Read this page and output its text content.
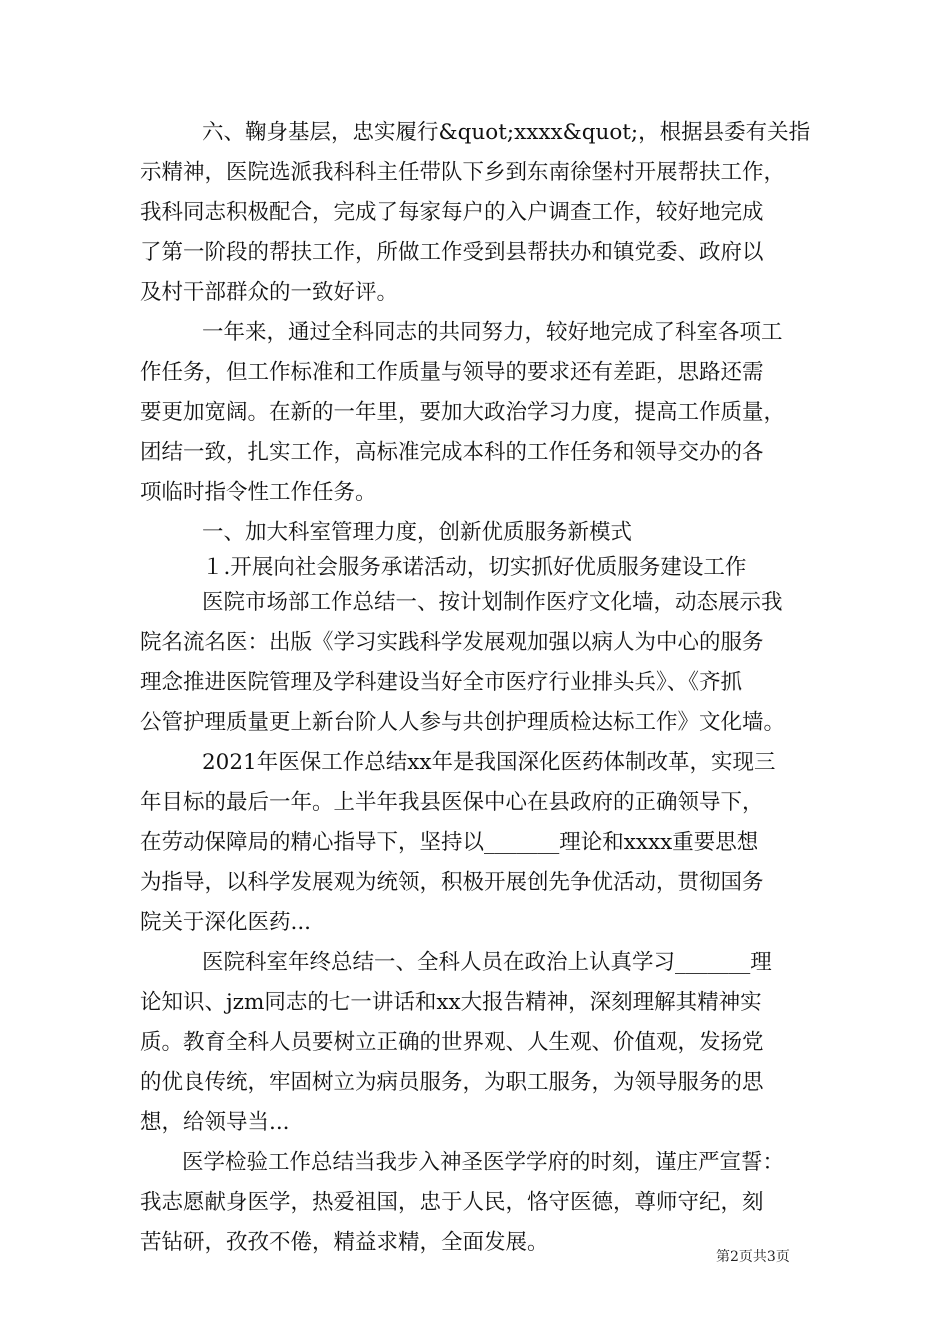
六、鞠身基层，忠实履行&quot;xxxx&quot;，根据县委有关指
示精神，医院选派我科科主任带队下乡到东南徐堡村开展帮扶工作，
我科同志积极配合，完成了每家每户的入户调查工作，较好地完成
了第一阶段的帮扶工作，所做工作受到县帮扶办和镇党委、政府以
及村干部群众的一致好评。
一年来，通过全科同志的共同努力，较好地完成了科室各项工
作任务，但工作标准和工作质量与领导的要求还有差距，思路还需
要更加宽阔。在新的一年里，要加大政治学习力度，提高工作质量，
团结一致，扎实工作，高标准完成本科的工作任务和领导交办的各
项临时指令性工作任务。
一、加大科室管理力度，创新优质服务新模式
１.开展向社会服务承诺活动，切实抓好优质服务建设工作
医院市场部工作总结一、按计划制作医疗文化墙，动态展示我
院名流名医：出版《学习实践科学发展观加强以病人为中心的服务
理念推进医院管理及学科建设当好全市医疗行业排头兵》、《齐抓
公管护理质量更上新台阶人人参与共创护理质检达标工作》文化墙。
2021年医保工作总结xx年是我国深化医药体制改革，实现三
年目标的最后一年。上半年我县医保中心在县政府的正确领导下，
在劳动保障局的精心指导下，坚持以_______理论和xxxx重要思想
为指导，以科学发展观为统领，积极开展创先争优活动，贯彻国务
院关于深化医药...
医院科室年终总结一、全科人员在政治上认真学习_______理
论知识、jzm同志的七一讲话和xx大报告精神，深刻理解其精神实
质。教育全科人员要树立正确的世界观、人生观、价值观，发扬党
的优良传统，牢固树立为病员服务，为职工服务，为领导服务的思
想，给领导当...
医学检验工作总结当我步入神圣医学学府的时刻，谨庄严宣誓：
我志愿献身医学，热爱祖国，忠于人民，恪守医德，尊师守纪，刻
苦钻研，孜孜不倦，精益求精，全面发展。
第2页共3页
